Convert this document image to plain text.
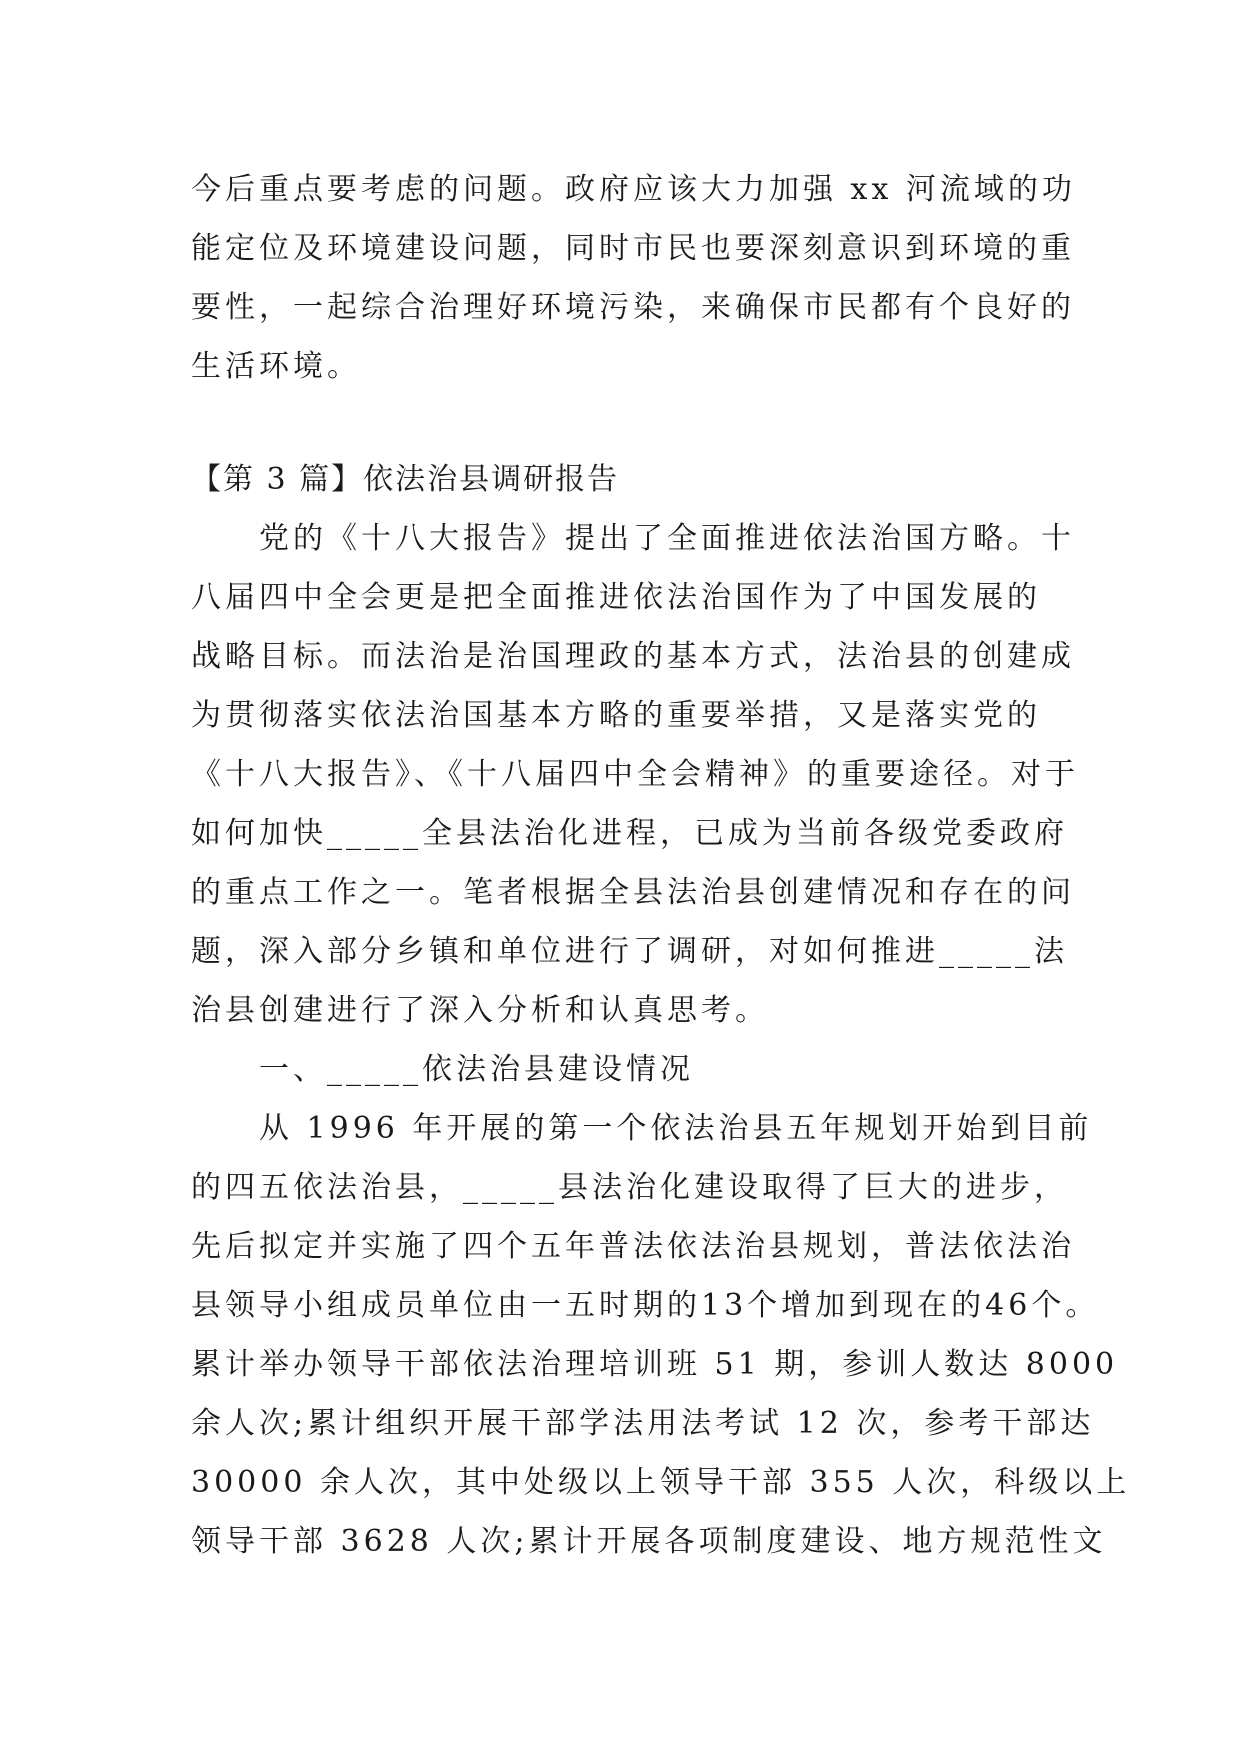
今后重点要考虑的问题。政府应该大力加强 xx 河流域的功
能定位及环境建设问题，同时市民也要深刻意识到环境的重
要性，一起综合治理好环境污染，来确保市民都有个良好的
生活环境。
【第 3 篇】依法治县调研报告
　　党的《十八大报告》提出了全面推进依法治国方略。十
八届四中全会更是把全面推进依法治国作为了中国发展的
战略目标。而法治是治国理政的基本方式，法治县的创建成
为贯彻落实依法治国基本方略的重要举措，又是落实党的
《十八大报告》、《十八届四中全会精神》的重要途径。对于
如何加快_____全县法治化进程，已成为当前各级党委政府
的重点工作之一。笔者根据全县法治县创建情况和存在的问
题，深入部分乡镇和单位进行了调研，对如何推进_____法
治县创建进行了深入分析和认真思考。
　　一、_____依法治县建设情况
　　从 1996 年开展的第一个依法治县五年规划开始到目前
的四五依法治县，_____县法治化建设取得了巨大的进步，
先后拟定并实施了四个五年普法依法治县规划，普法依法治
县领导小组成员单位由一五时期的13个增加到现在的46个。
累计举办领导干部依法治理培训班 51 期，参训人数达 8000
余人次;累计组织开展干部学法用法考试 12 次，参考干部达
30000 余人次，其中处级以上领导干部 355 人次，科级以上
领导干部 3628 人次;累计开展各项制度建设、地方规范性文
